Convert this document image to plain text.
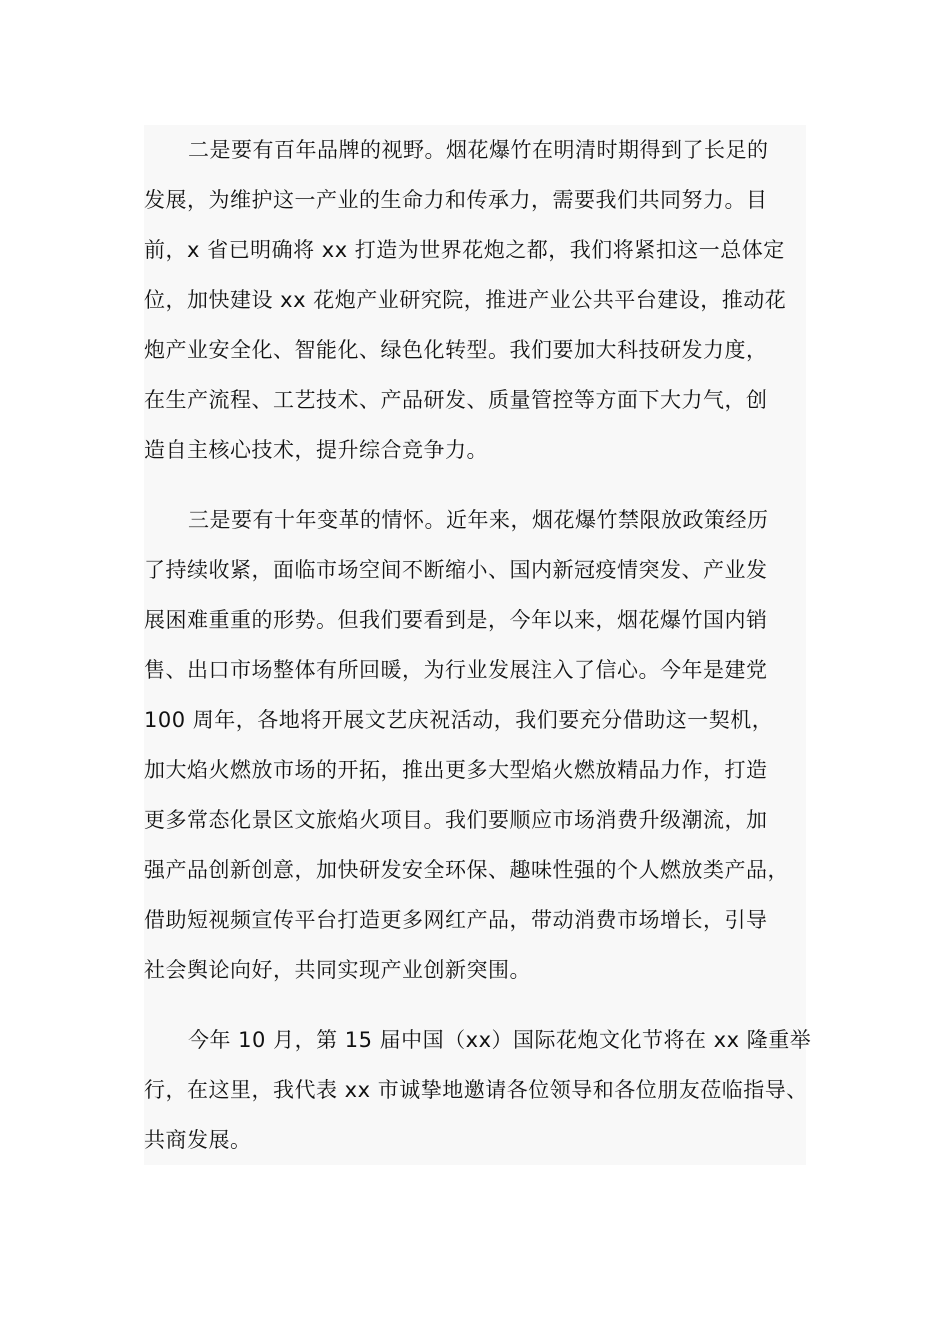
二是要有百年品牌的视野。烟花爆竹在明清时期得到了长足的
发展，为维护这一产业的生命力和传承力，需要我们共同努力。目
前，x 省已明确将 xx 打造为世界花炮之都，我们将紧扣这一总体定
位，加快建设 xx 花炮产业研究院，推进产业公共平台建设，推动花
炮产业安全化、智能化、绿色化转型。我们要加大科技研发力度，
在生产流程、工艺技术、产品研发、质量管控等方面下大力气，创
造自主核心技术，提升综合竞争力。
三是要有十年变革的情怀。近年来，烟花爆竹禁限放政策经历
了持续收紧，面临市场空间不断缩小、国内新冠疫情突发、产业发
展困难重重的形势。但我们要看到是，今年以来，烟花爆竹国内销
售、出口市场整体有所回暖，为行业发展注入了信心。今年是建党
100 周年，各地将开展文艺庆祝活动，我们要充分借助这一契机，
加大焰火燃放市场的开拓，推出更多大型焰火燃放精品力作，打造
更多常态化景区文旅焰火项目。我们要顺应市场消费升级潮流，加
强产品创新创意，加快研发安全环保、趣味性强的个人燃放类产品，
借助短视频宣传平台打造更多网红产品，带动消费市场增长，引导
社会舆论向好，共同实现产业创新突围。
今年 10 月，第 15 届中国（xx）国际花炮文化节将在 xx 隆重举
行，在这里，我代表 xx 市诚挚地邀请各位领导和各位朋友莅临指导、
共商发展。
